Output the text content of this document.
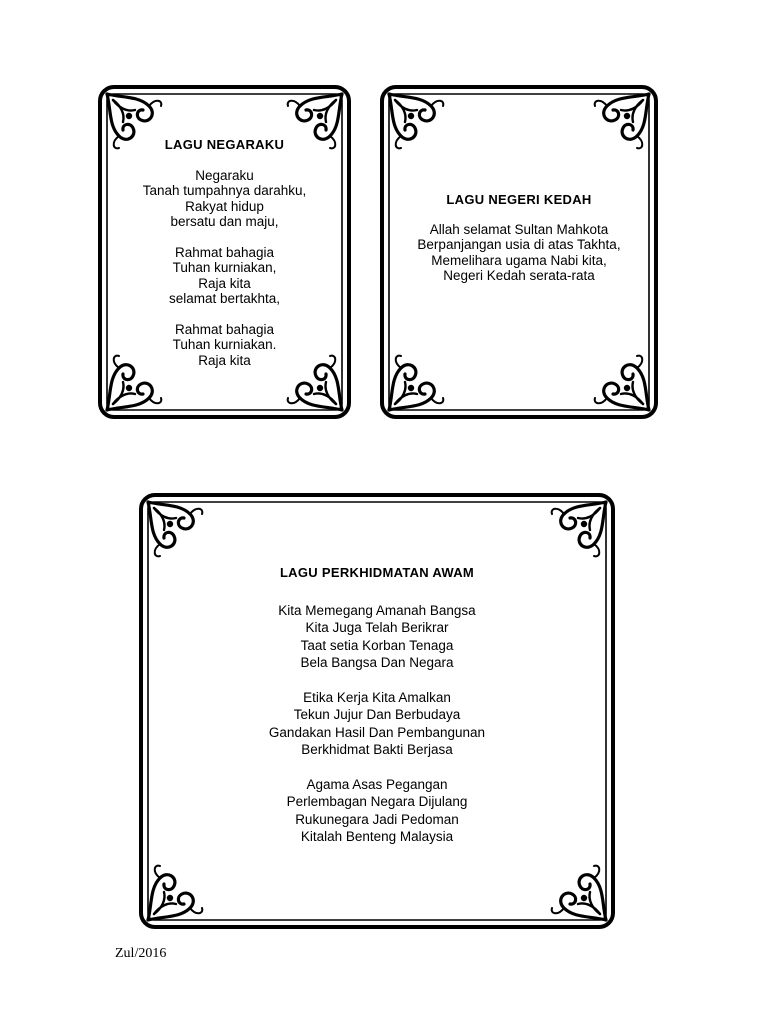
LAGU NEGARAKU
Negaraku
Tanah tumpahnya darahku,
Rakyat hidup
bersatu dan maju,
Rahmat bahagia
Tuhan kurniakan,
Raja kita
selamat bertakhta,
Rahmat bahagia
Tuhan kurniakan.
Raja kita
LAGU NEGERI KEDAH
Allah selamat Sultan Mahkota
Berpanjangan usia di atas Takhta,
Memelihara ugama Nabi kita,
Negeri Kedah serata-rata
LAGU PERKHIDMATAN AWAM
Kita Memegang Amanah Bangsa
Kita Juga Telah Berikrar
Taat setia Korban Tenaga
Bela Bangsa Dan Negara
Etika Kerja Kita Amalkan
Tekun Jujur Dan Berbudaya
Gandakan Hasil Dan Pembangunan
Berkhidmat Bakti Berjasa
Agama Asas Pegangan
Perlembagan Negara Dijulang
Rukunegara Jadi Pedoman
Kitalah Benteng Malaysia
Zul/2016
